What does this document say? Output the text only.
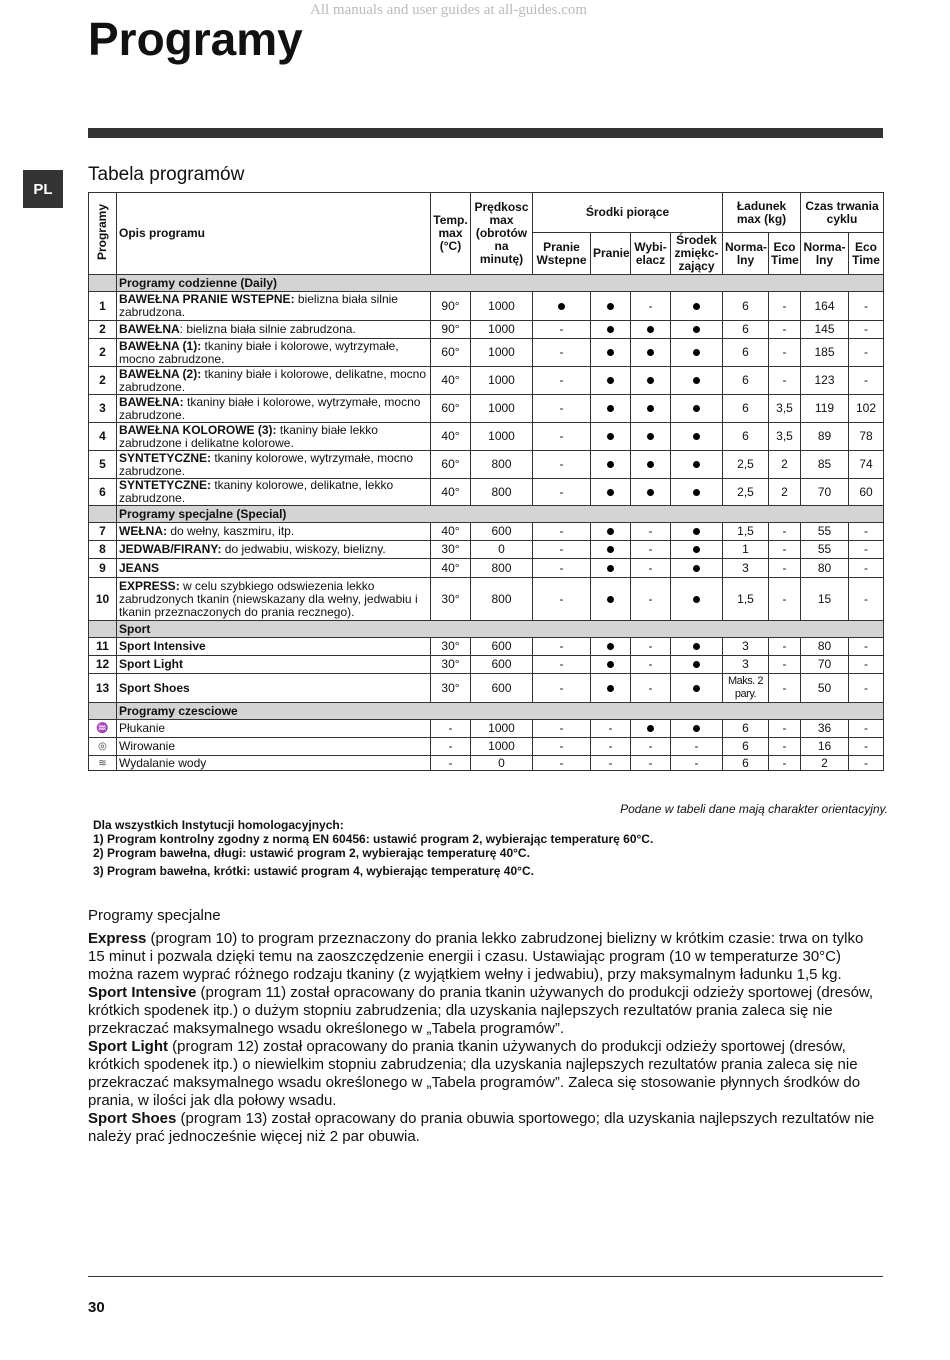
All manuals and user guides at all-guides.com
Programy
PL
Tabela programów
Programy	Opis programu	Temp. max (°C)	Prędkosc max (obrotów na minutę)	Środki piorące				Ładunek max (kg)		Czas trwania cyklu	
				Pranie Wstepne	Pranie	Wybi-elacz	Środek zmiękc-zający	Norma-lny	Eco Time	Norma-lny	Eco Time
	Programy codzienne (Daily)										
1	BAWEŁNA PRANIE WSTEPNE: bielizna biała silnie zabrudzona.	90°	1000			-		6	-	164	-
2	BAWEŁNA: bielizna biała silnie zabrudzona.	90°	1000	-				6	-	145	-
2	BAWEŁNA (1): tkaniny białe i kolorowe, wytrzymałe, mocno zabrudzone.	60°	1000	-				6	-	185	-
2	BAWEŁNA (2): tkaniny białe i kolorowe, delikatne, mocno zabrudzone.	40°	1000	-				6	-	123	-
3	BAWEŁNA: tkaniny białe i kolorowe, wytrzymałe, mocno zabrudzone.	60°	1000	-				6	3,5	119	102
4	BAWEŁNA KOLOROWE (3): tkaniny białe lekko zabrudzone i delikatne kolorowe.	40°	1000	-				6	3,5	89	78
5	SYNTETYCZNE: tkaniny kolorowe, wytrzymałe, mocno zabrudzone.	60°	800	-				2,5	2	85	74
6	SYNTETYCZNE: tkaniny kolorowe, delikatne, lekko zabrudzone.	40°	800	-				2,5	2	70	60
	Programy specjalne (Special)										
7	WEŁNA: do wełny, kaszmiru, itp.	40°	600	-		-		1,5	-	55	-
8	JEDWAB/FIRANY: do jedwabiu, wiskozy, bielizny.	30°	0	-		-		1	-	55	-
9	JEANS	40°	800	-		-		3	-	80	-
10	EXPRESS: w celu szybkiego odswiezenia lekko zabrudzonych tkanin (niewskazany dla wełny, jedwabiu i tkanin przeznaczonych do prania recznego).	30°	800	-		-		1,5	-	15	-
	Sport										
11	Sport Intensive	30°	600	-		-		3	-	80	-
12	Sport Light	30°	600	-		-		3	-	70	-
13	Sport Shoes	30°	600	-		-		Maks. 2 pary.	-	50	-
	Programy czesciowe										
♒	Płukanie	-	1000	-	-			6	-	36	-
◎	Wirowanie	-	1000	-	-	-	-	6	-	16	-
≋	Wydalanie wody	-	0	-	-	-	-	6	-	2	-
Podane w tabeli dane mają charakter orientacyjny.
Dla wszystkich Instytucji homologacyjnych:
1) Program kontrolny zgodny z normą EN 60456: ustawić program 2, wybierając temperaturę 60°C.
2) Program bawełna, długi: ustawić program 2, wybierając temperaturę 40°C.
3) Program bawełna, krótki: ustawić program 4, wybierając temperaturę 40°C.
Programy specjalne

Express (program 10) to program przeznaczony do prania lekko zabrudzonej bielizny w krótkim czasie: trwa on tylko 15 minut i pozwala dzięki temu na zaoszczędzenie energii i czasu. Ustawiając program (10 w temperaturze 30°C) można razem wyprać różnego rodzaju tkaniny (z wyjątkiem wełny i jedwabiu), przy maksymalnym ładunku 1,5 kg.

Sport Intensive (program 11) został opracowany do prania tkanin używanych do produkcji odzieży sportowej (dresów, krótkich spodenek itp.) o dużym stopniu zabrudzenia; dla uzyskania najlepszych rezultatów prania zaleca się nie przekraczać maksymalnego wsadu określonego w „Tabela programów”.

Sport Light (program 12) został opracowany do prania tkanin używanych do produkcji odzieży sportowej (dresów, krótkich spodenek itp.) o niewielkim stopniu zabrudzenia; dla uzyskania najlepszych rezultatów prania zaleca się nie przekraczać maksymalnego wsadu określonego w „Tabela programów”. Zaleca się stosowanie płynnych środków do prania, w ilości jak dla połowy wsadu.

Sport Shoes (program 13) został opracowany do prania obuwia sportowego; dla uzyskania najlepszych rezultatów nie należy prać jednocześnie więcej niż 2 par obuwia.

30
